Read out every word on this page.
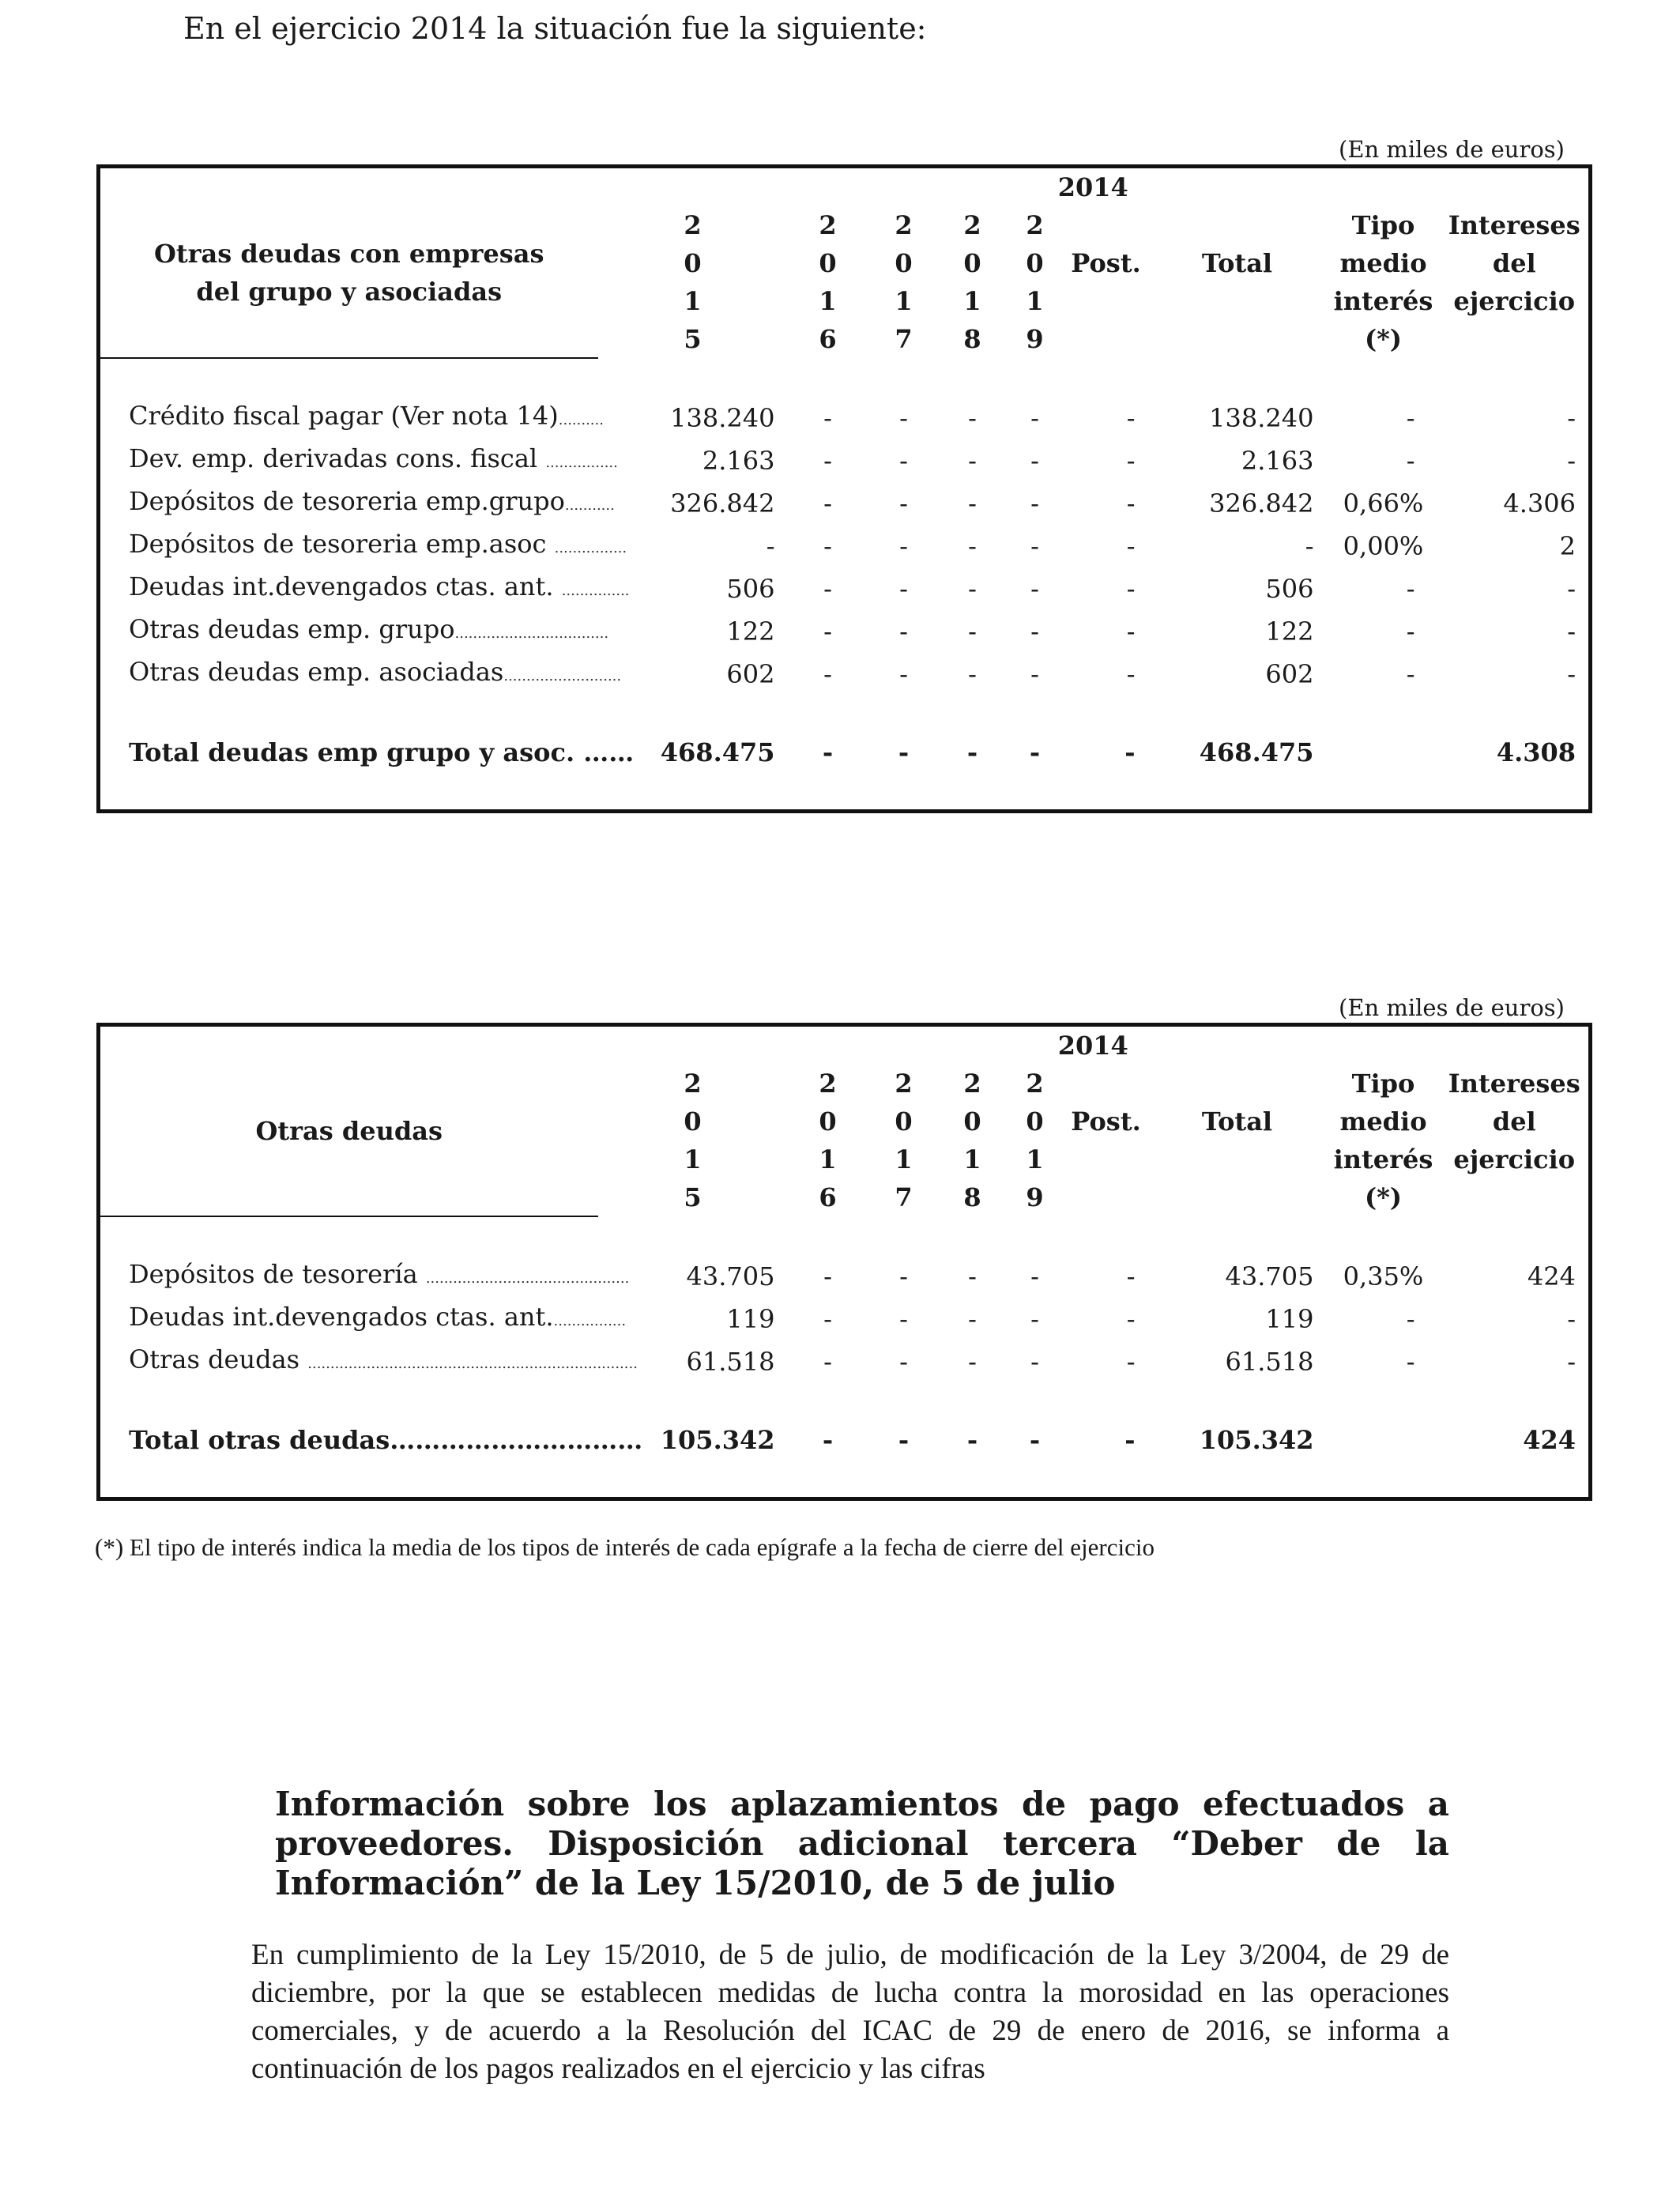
En el ejercicio 2014 la situación fue la siguiente:
(En miles de euros)
Otras deudas con empresas
del grupo y asociadas	2014								
	2	2	2	2	2			Tipo	Intereses
	0	0	0	0	0	Post.	Total	medio	del
	1	1	1	1	1			interés	ejercicio
	5	6	7	8	9			(*)	

Crédito fiscal pagar (Ver nota 14)..........	138.240	-	-	-	-	-	138.240	-	-
Dev. emp. derivadas cons. fiscal ................	2.163	-	-	-	-	-	2.163	-	-
Depósitos de tesoreria emp.grupo...........	326.842	-	-	-	-	-	326.842	0,66%	4.306
Depósitos de tesoreria emp.asoc ................	-	-	-	-	-	-	-	0,00%	2
Deudas int.devengados ctas. ant. ...............	506	-	-	-	-	-	506	-	-
Otras deudas emp. grupo..................................	122	-	-	-	-	-	122	-	-
Otras deudas emp. asociadas..........................	602	-	-	-	-	-	602	-	-

Total deudas emp grupo y asoc. ……	468.475	-	-	-	-	-	468.475		4.308

(En miles de euros)
Otras deudas	2014								
	2	2	2	2	2			Tipo	Intereses
	0	0	0	0	0	Post.	Total	medio	del
	1	1	1	1	1			interés	ejercicio
	5	6	7	8	9			(*)	

Depósitos de tesorería .............................................	43.705	-	-	-	-	-	43.705	0,35%	424
Deudas int.devengados ctas. ant.................	119	-	-	-	-	-	119	-	-
Otras deudas .........................................................................	61.518	-	-	-	-	-	61.518	-	-

Total otras deudas…………………………	105.342	-	-	-	-	-	105.342		424

(*) El tipo de interés indica la media de los tipos de interés de cada epígrafe a la fecha de cierre del ejercicio
Información sobre los aplazamientos de pago efectuados a proveedores. Disposición adicional tercera “Deber de la Información” de la Ley 15/2010, de 5 de julio
En cumplimiento de la Ley 15/2010, de 5 de julio, de modificación de la Ley 3/2004, de 29 de diciembre, por la que se establecen medidas de lucha contra la morosidad en las operaciones comerciales, y de acuerdo a la Resolución del ICAC de 29 de enero de 2016, se informa a continuación de los pagos realizados en el ejercicio y las cifras
